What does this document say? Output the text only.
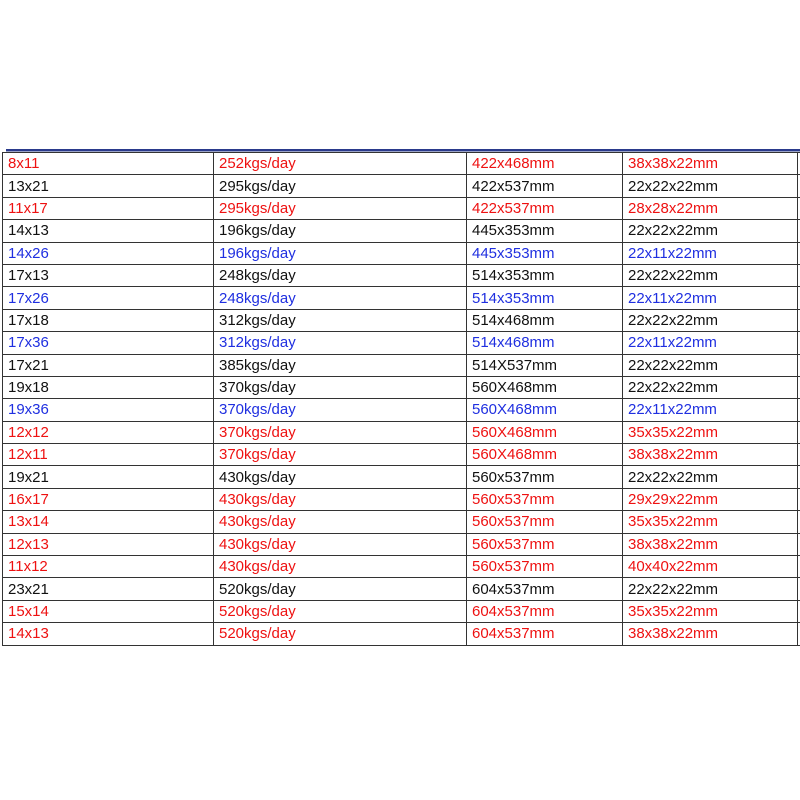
8x11	252kgs/day	422x468mm	38x38x22mm	
13x21	295kgs/day	422x537mm	22x22x22mm	
11x17	295kgs/day	422x537mm	28x28x22mm	
14x13	196kgs/day	445x353mm	22x22x22mm	
14x26	196kgs/day	445x353mm	22x11x22mm	
17x13	248kgs/day	514x353mm	22x22x22mm	
17x26	248kgs/day	514x353mm	22x11x22mm	
17x18	312kgs/day	514x468mm	22x22x22mm	
17x36	312kgs/day	514x468mm	22x11x22mm	
17x21	385kgs/day	514X537mm	22x22x22mm	
19x18	370kgs/day	560X468mm	22x22x22mm	
19x36	370kgs/day	560X468mm	22x11x22mm	
12x12	370kgs/day	560X468mm	35x35x22mm	
12x11	370kgs/day	560X468mm	38x38x22mm	
19x21	430kgs/day	560x537mm	22x22x22mm	
16x17	430kgs/day	560x537mm	29x29x22mm	
13x14	430kgs/day	560x537mm	35x35x22mm	
12x13	430kgs/day	560x537mm	38x38x22mm	
11x12	430kgs/day	560x537mm	40x40x22mm	
23x21	520kgs/day	604x537mm	22x22x22mm	
15x14	520kgs/day	604x537mm	35x35x22mm	
14x13	520kgs/day	604x537mm	38x38x22mm	
